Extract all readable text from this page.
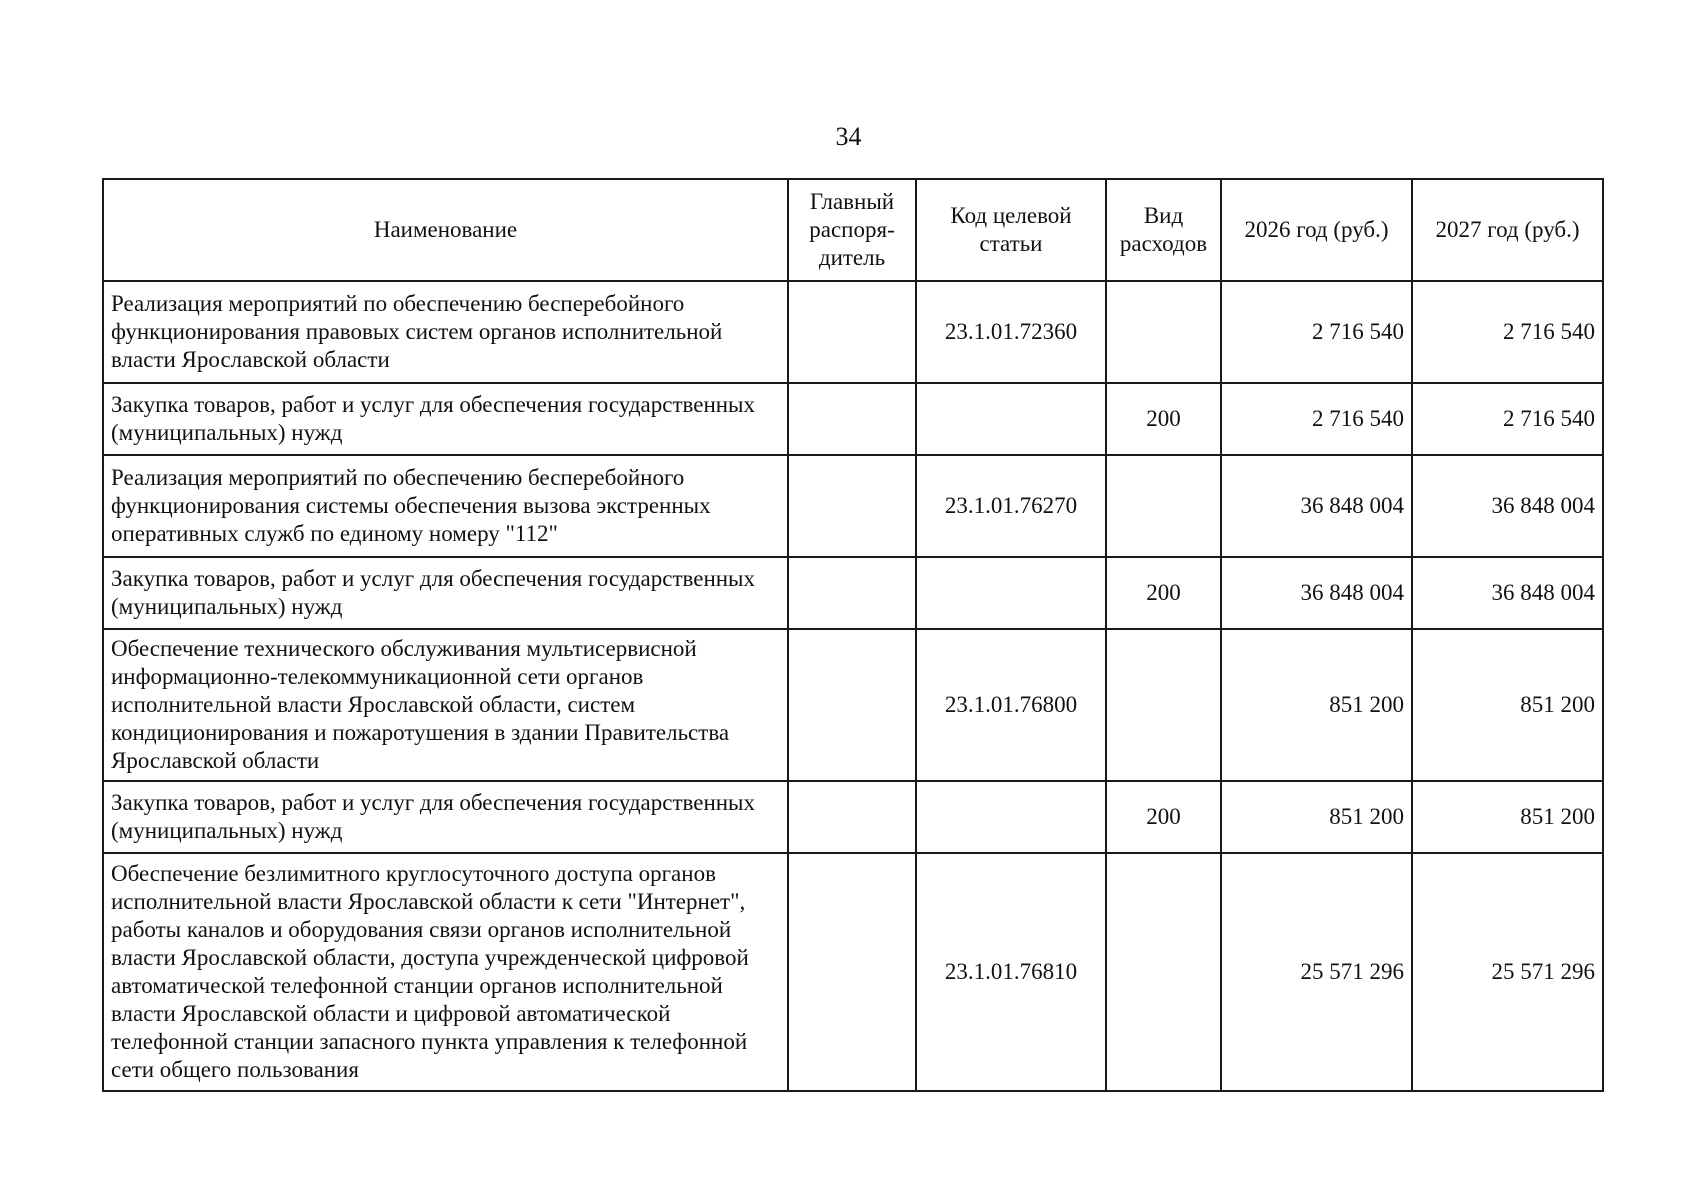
34
Наименование	Главный распоря-дитель	Код целевой статьи	Вид расходов	2026 год (руб.)	2027 год (руб.)
Реализация мероприятий по обеспечению бесперебойного функционирования правовых систем органов исполнительной власти Ярославской области		23.1.01.72360		2 716 540	2 716 540
Закупка товаров, работ и услуг для обеспечения государственных (муниципальных) нужд			200	2 716 540	2 716 540
Реализация мероприятий по обеспечению бесперебойного функционирования системы обеспечения вызова экстренных оперативных служб по единому номеру "112"		23.1.01.76270		36 848 004	36 848 004
Закупка товаров, работ и услуг для обеспечения государственных (муниципальных) нужд			200	36 848 004	36 848 004
Обеспечение технического обслуживания мультисервисной информационно-телекоммуникационной сети органов исполнительной власти Ярославской области, систем кондиционирования и пожаротушения в здании Правительства Ярославской области		23.1.01.76800		851 200	851 200
Закупка товаров, работ и услуг для обеспечения государственных (муниципальных) нужд			200	851 200	851 200
Обеспечение безлимитного круглосуточного доступа органов исполнительной власти Ярославской области к сети "Интернет", работы каналов и оборудования связи органов исполнительной власти Ярославской области, доступа учрежденческой цифровой автоматической телефонной станции органов исполнительной власти Ярославской области и цифровой автоматической телефонной станции запасного пункта управления к телефонной сети общего пользования		23.1.01.76810		25 571 296	25 571 296
